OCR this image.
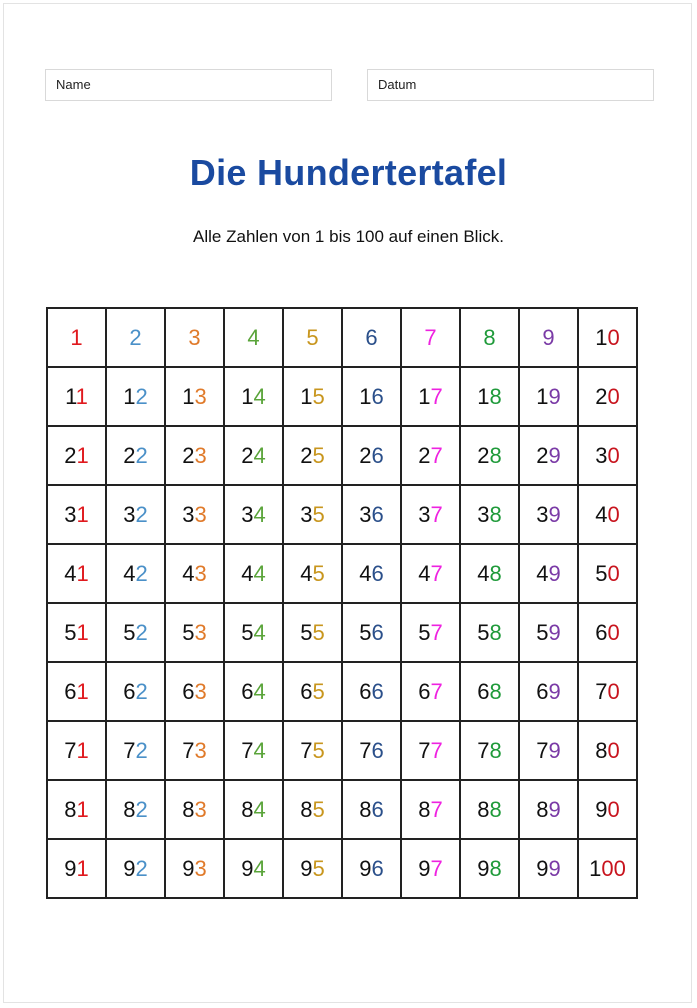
Name	Datum
Die Hundertertafel
Alle Zahlen von 1 bis 100 auf einen Blick.
1	2	3	4	5	6	7	8	9	10
11	12	13	14	15	16	17	18	19	20
21	22	23	24	25	26	27	28	29	30
31	32	33	34	35	36	37	38	39	40
41	42	43	44	45	46	47	48	49	50
51	52	53	54	55	56	57	58	59	60
61	62	63	64	65	66	67	68	69	70
71	72	73	74	75	76	77	78	79	80
81	82	83	84	85	86	87	88	89	90
91	92	93	94	95	96	97	98	99	100
